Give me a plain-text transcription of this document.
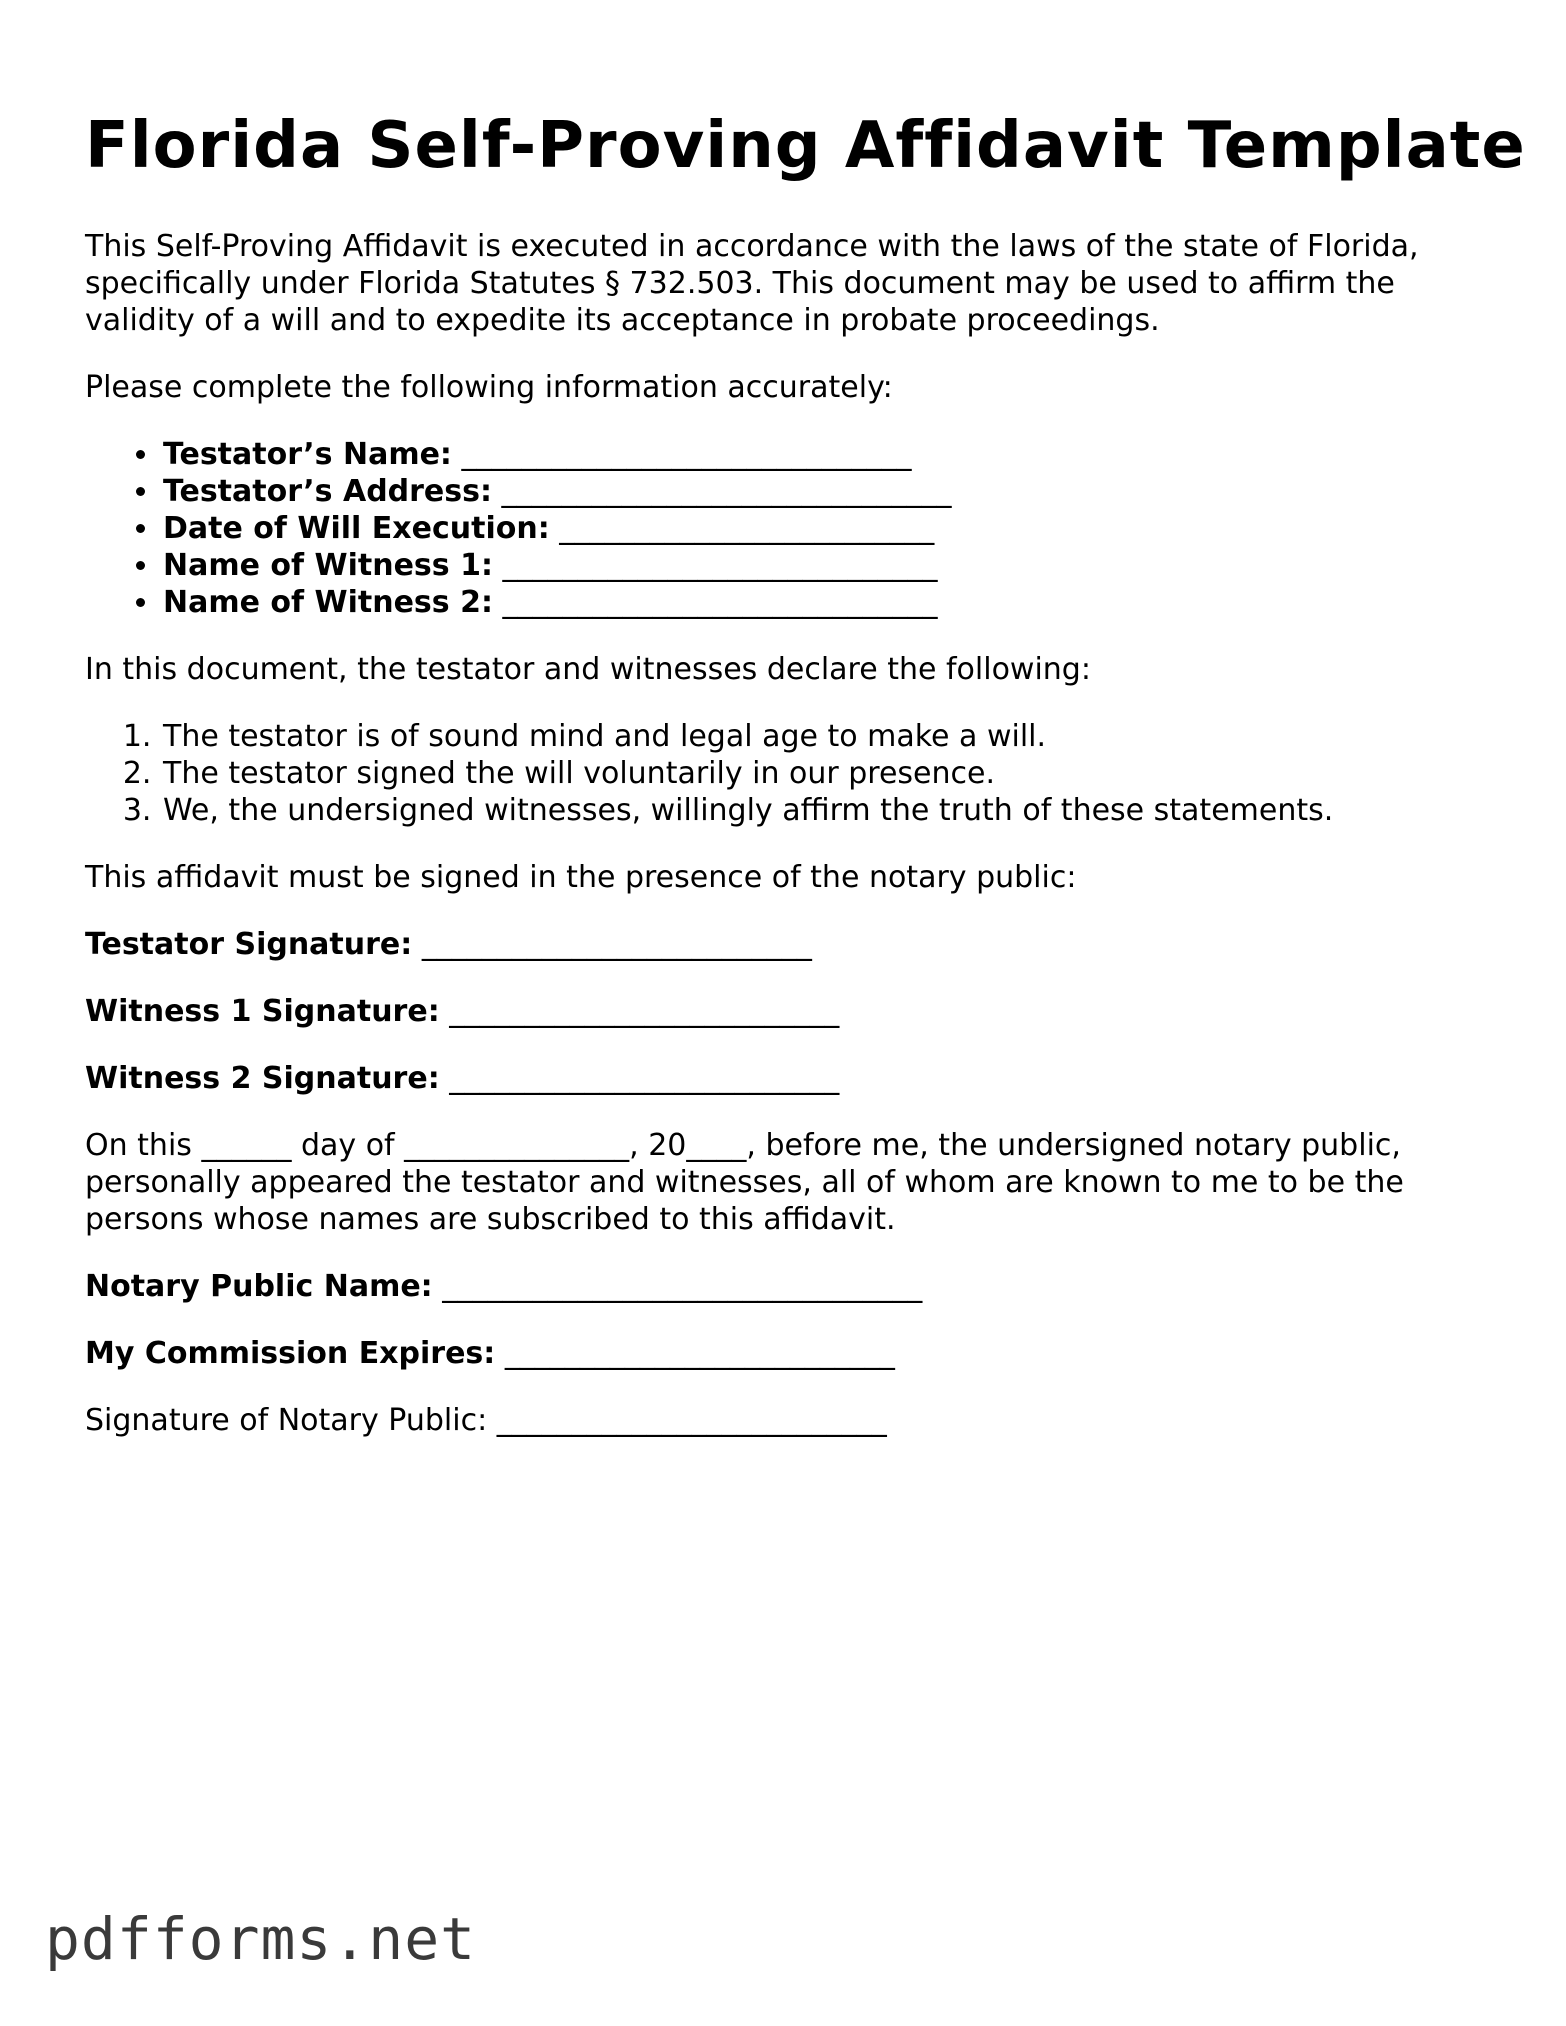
Florida Self-Proving Affidavit Template

This Self-Proving Affidavit is executed in accordance with the laws of the state of Florida, specifically under Florida Statutes § 732.503. This document may be used to affirm the validity of a will and to expedite its acceptance in probate proceedings.

Please complete the following information accurately:

• Testator’s Name: ______________________________
• Testator’s Address: ______________________________
• Date of Will Execution: _________________________
• Name of Witness 1: _____________________________
• Name of Witness 2: _____________________________

In this document, the testator and witnesses declare the following:

1. The testator is of sound mind and legal age to make a will.
2. The testator signed the will voluntarily in our presence.
3. We, the undersigned witnesses, willingly affirm the truth of these statements.

This affidavit must be signed in the presence of the notary public:

Testator Signature: __________________________

Witness 1 Signature: __________________________

Witness 2 Signature: __________________________

On this ______ day of _______________, 20____, before me, the undersigned notary public, personally appeared the testator and witnesses, all of whom are known to me to be the persons whose names are subscribed to this affidavit.

Notary Public Name: ________________________________

My Commission Expires: __________________________

Signature of Notary Public: __________________________

pdfforms.net
